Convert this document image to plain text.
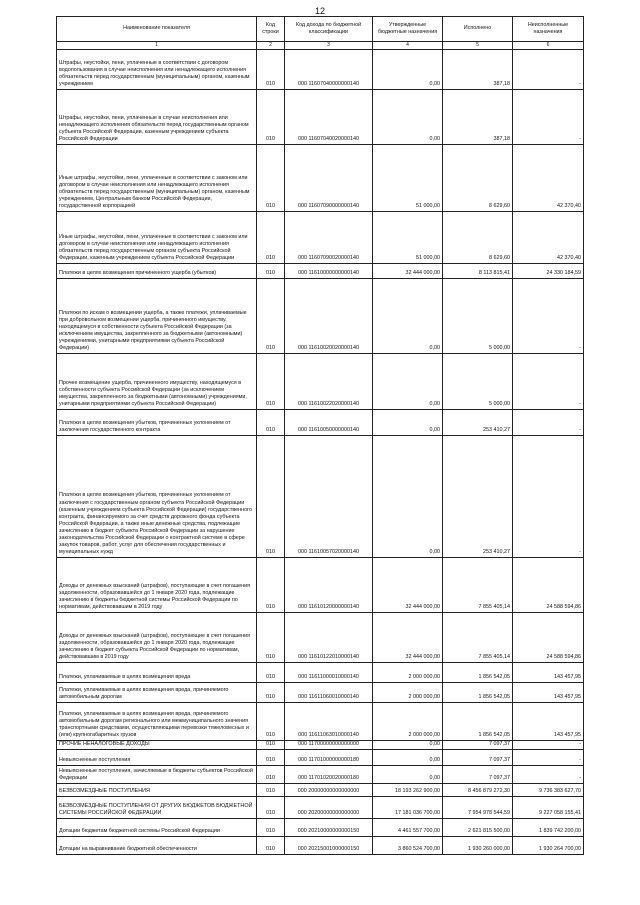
12
Наименование показателя	Код строки	Код дохода по бюджетной классификации	Утвержденные бюджетные назначения	Исполнено	Неисполненные назначения
1	2	3	4	5	6
Штрафы, неустойки, пени, уплаченные в соответствии с договором водопользования в случае неисполнения или ненадлежащего исполнения обязательств перед государственным (муниципальным) органом, казенным учреждением	010	000 11607040000000140	0,00	387,18	-
Штрафы, неустойки, пени, уплаченные в случае неисполнения или ненадлежащего исполнения обязательств перед государственным органом субъекта Российской Федерации, казенным учреждением субъекта Российской Федерации	010	000 11607040020000140	0,00	387,18	-
Иные штрафы, неустойки, пени, уплаченные в соответствии с законом или договором в случае неисполнения или ненадлежащего исполнения обязательств перед государственным (муниципальным) органом, казенным учреждением, Центральным банком Российской Федерации, государственной корпорацией	010	000 11607090000000140	51 000,00	8 629,60	42 370,40
Иные штрафы, неустойки, пени, уплаченные в соответствии с законом или договором в случае неисполнения или ненадлежащего исполнения обязательств перед государственным органом субъекта Российской Федерации, казенным учреждением субъекта Российской Федерации	010	000 11607090020000140	51 000,00	8 629,60	42 370,40
Платежи в целях возмещения причиненного ущерба (убытков)	010	000 11610000000000140	32 444 000,00	8 113 815,41	24 330 184,59
Платежи по искам о возмещении ущерба, а также платежи, уплачиваемые при добровольном возмещении ущерба, причиненного имуществу, находящемуся в собственности субъекта Российской Федерации (за исключением имущества, закрепленного за бюджетными (автономными) учреждениями, унитарными предприятиями субъекта Российской Федерации)	010	000 11610020020000140	0,00	5 000,00	-
Прочее возмещение ущерба, причиненного имуществу, находящемуся в собственности субъекта Российской Федерации (за исключением имущества, закрепленного за бюджетными (автономными) учреждениями, унитарными предприятиями субъекта Российской Федерации)	010	000 11610022020000140	0,00	5 000,00	-
Платежи в целях возмещения убытков, причиненных уклонением от заключения государственного контракта	010	000 11610050000000140	0,00	253 410,27	-
Платежи в целях возмещения убытков, причиненных уклонением от заключения с государственным органом субъекта Российской Федерации (казенным учреждением субъекта Российской Федерации) государственного контракта, финансируемого за счет средств дорожного фонда субъекта Российской Федерации, а также иные денежные средства, подлежащие зачислению в бюджет субъекта Российской Федерации за нарушение законодательства Российской Федерации о контрактной системе в сфере закупок товаров, работ, услуг для обеспечения государственных и муниципальных нужд	010	000 11610057020000140	0,00	253 410,27	-
Доходы от денежных взысканий (штрафов), поступающие в счет погашения задолженности, образовавшейся до 1 января 2020 года, подлежащие зачислению в бюджеты бюджетной системы Российской Федерации по нормативам, действовавшим в 2019 году	010	000 11610120000000140	32 444 000,00	7 855 405,14	24 588 594,86
Доходы от денежных взысканий (штрафов), поступающие в счет погашения задолженности, образовавшейся до 1 января 2020 года, подлежащие зачислению в бюджет субъекта Российской Федерации по нормативам, действовавшим в 2019 году	010	000 11610122010000140	32 444 000,00	7 855 405,14	24 588 594,86
Платежи, уплачиваемые в целях возмещения вреда	010	000 11611000010000140	2 000 000,00	1 856 542,05	143 457,95
Платежи, уплачиваемые в целях возмещения вреда, причиняемого автомобильным дорогам	010	000 11611060010000140	2 000 000,00	1 856 542,05	143 457,95
Платежи, уплачиваемые в целях возмещения вреда, причиняемого автомобильным дорогам регионального или межмуниципального значения транспортными средствами, осуществляющими перевозки тяжеловесных и (или) крупногабаритных грузов	010	000 11611063010000140	2 000 000,00	1 856 542,05	143 457,95
ПРОЧИЕ НЕНАЛОГОВЫЕ ДОХОДЫ	010	000 11700000000000000	0,00	7 097,37	-
Невыясненные поступления	010	000 11701000000000180	0,00	7 097,37	-
Невыясненные поступления, зачисляемые в бюджеты субъектов Российской Федерации	010	000 11701020020000180	0,00	7 097,37	-
БЕЗВОЗМЕЗДНЫЕ ПОСТУПЛЕНИЯ	010	000 20000000000000000	18 193 262 900,00	8 456 879 272,30	9 736 383 627,70
БЕЗВОЗМЕЗДНЫЕ ПОСТУПЛЕНИЯ ОТ ДРУГИХ БЮДЖЕТОВ БЮДЖЕТНОЙ СИСТЕМЫ РОССИЙСКОЙ ФЕДЕРАЦИИ	010	000 20200000000000000	17 181 036 700,00	7 954 978 544,59	9 227 058 155,41
Дотации бюджетам бюджетной системы Российской Федерации	010	000 20210000000000150	4 461 557 700,00	2 621 815 500,00	1 839 742 200,00
Дотации на выравнивание бюджетной обеспеченности	010	000 20215001000000150	3 860 524 700,00	1 930 260 000,00	1 930 264 700,00
